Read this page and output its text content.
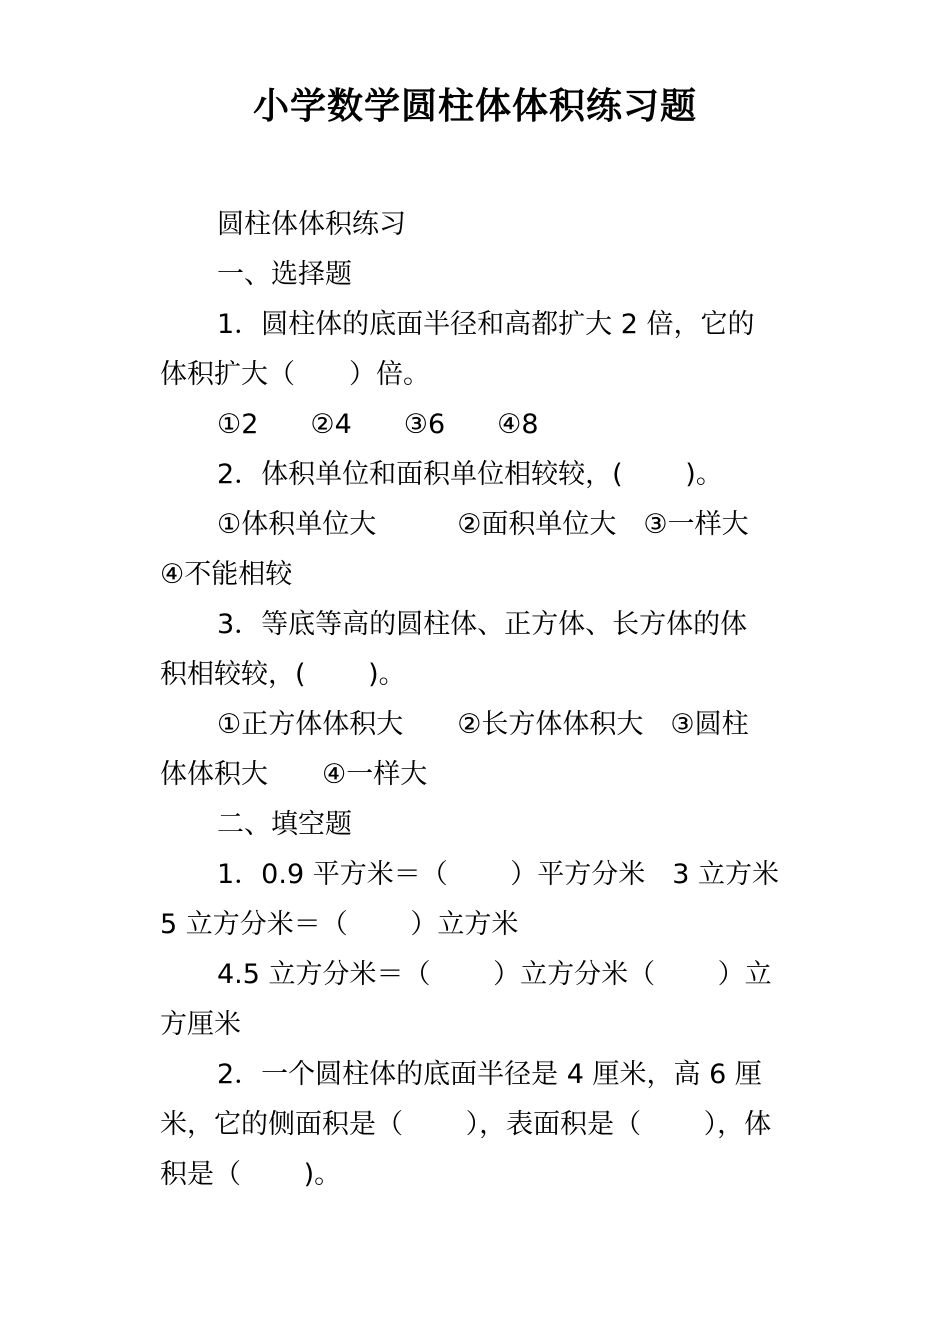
小学数学圆柱体体积练习题

圆柱体体积练习

一、选择题

1．圆柱体的底面半径和高都扩大 2 倍，它的

体积扩大（　　）倍。

①2 ②4 ③6 ④8

2．体积单位和面积单位相较较，(　　 )。

①体积单位大　　　②面积单位大　③一样大

④不能相较

3．等底等高的圆柱体、正方体、长方体的体

积相较较，(　　 )。

①正方体体积大　　②长方体体积大　③圆柱

体体积大　　④一样大

二、填空题

1．0.9 平方米＝（　　 ）平方分米　3 立方米

5 立方分米＝（　　 ）立方米

4.5 立方分米＝（　　 ）立方分米（　　 ）立

方厘米

2．一个圆柱体的底面半径是 4 厘米，高 6 厘

米，它的侧面积是（　　 ），表面积是（　　 ），体

积是（　　 )。
